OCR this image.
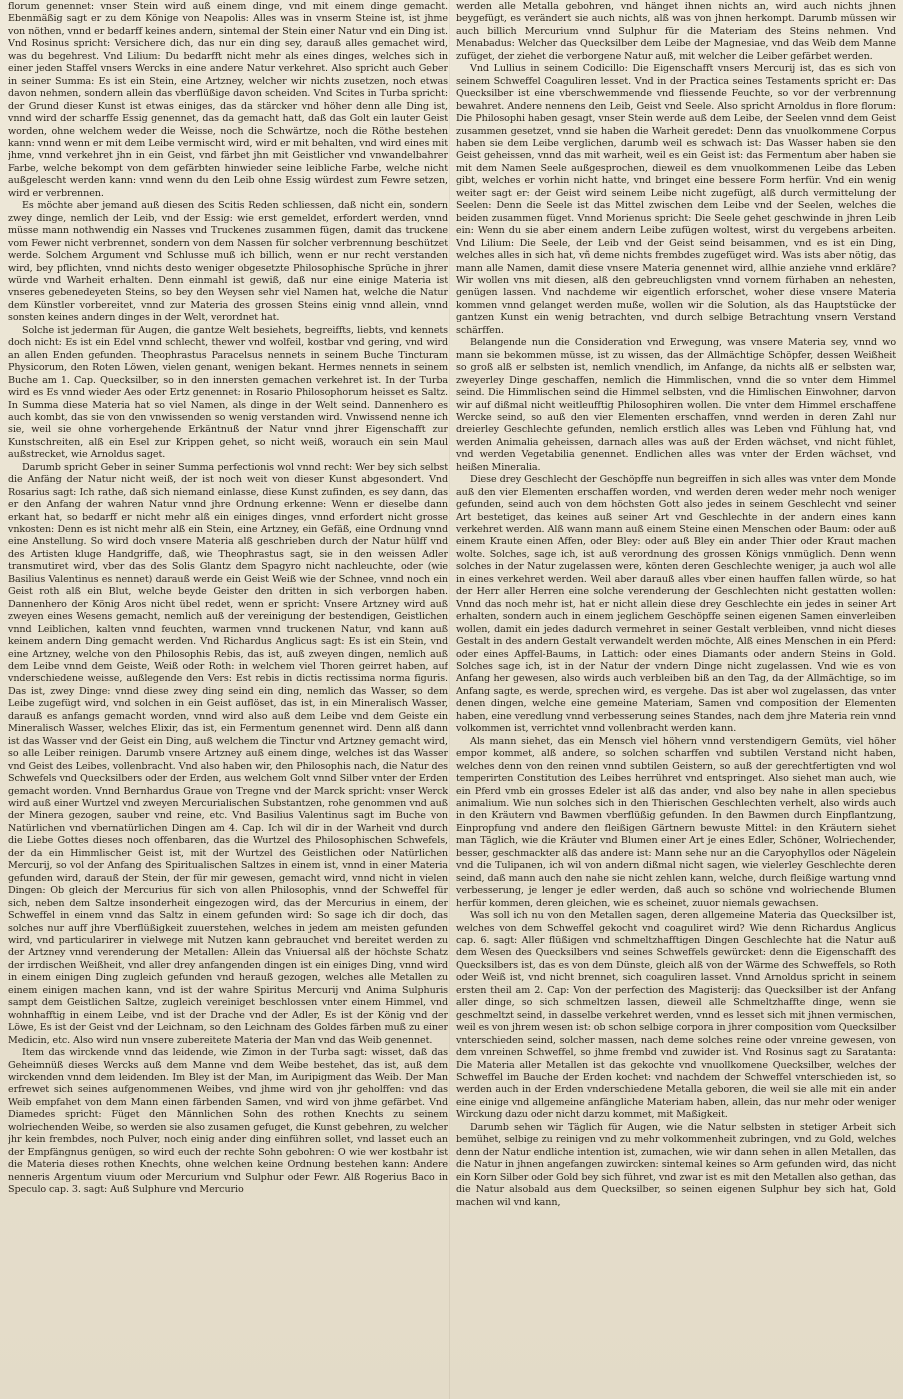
florum genennet: vnser Stein wird auß einem dinge, vnd mit einem dinge gemacht. Ebenmäßig sagt er zu dem Könige von Neapolis: Alles was in vnserm Steine ist, ist jhme von nöthen, vnnd er bedarff keines andern, sintemal der Stein einer Natur vnd ein Ding ist. Vnd Rosinus spricht: Versichere dich, das nur ein ding sey, darauß alles gemachet wird, was du begehrest. Vnd Lilium: Du bedarfft nicht mehr als eines dinges, welches sich in einer jeden Staffel vnsers Wercks in eine andere Natur verkehret. Also spricht auch Geber in seiner Summa: Es ist ein Stein, eine Artzney, welcher wir nichts zusetzen, noch etwas davon nehmen, sondern allein das vberflüßige davon scheiden. Vnd Scites in Turba spricht: der Grund dieser Kunst ist etwas einiges, das da stärcker vnd höher denn alle Ding ist, vnnd wird der scharffe Essig genennet, das da gemacht hatt, daß das Golt ein lauter Geist worden, ohne welchem weder die Weisse, noch die Schwärtze, noch die Röthe bestehen kann: vnnd wenn er mit dem Leibe vermischt wird, wird er mit behalten, vnd wird eines mit jhme, vnnd verkehret jhn in ein Geist, vnd färbet jhn mit Geistlicher vnd vnwandelbahrer Farbe, welche bekompt von dem gefärbten hinwieder seine leibliche Farbe, welche nicht außgelescht werden kann: vnnd wenn du den Leib ohne Essig würdest zum Fewre setzen, wird er verbrennen.

Es möchte aber jemand auß diesen des Scitis Reden schliessen, daß nicht ein, sondern zwey dinge, nemlich der Leib, vnd der Essig: wie erst gemeldet, erfordert werden, vnnd müsse mann nothwendig ein Nasses vnd Truckenes zusammen fügen, damit das truckene vom Fewer nicht verbrennet, sondern von dem Nassen für solcher verbrennung beschützet werde. Solchem Argument vnd Schlusse muß ich billich, wenn er nur recht verstanden wird, bey pflichten, vnnd nichts desto weniger obgesetzte Philosophische Sprüche in jhrer würde vnd Warheit erhalten. Denn einmahl ist gewiß, daß nur eine einige Materia ist vnseres gebenedeyeten Steins, so bey den Weysen sehr viel Namen hat, welche die Natur dem Künstler vorbereitet, vnnd zur Materia des grossen Steins einig vnnd allein, vnnd sonsten keines andern dinges in der Welt, verordnet hat.

Solche ist jederman für Augen, die gantze Welt besiehets, begreiffts, liebts, vnd kennets doch nicht: Es ist ein Edel vnnd schlecht, thewer vnd wolfeil, kostbar vnd gering, vnd wird an allen Enden gefunden. Theophrastus Paracelsus nennets in seinem Buche Tincturam Physicorum, den Roten Löwen, vielen genant, wenigen bekant. Hermes nennets in seinem Buche am 1. Cap. Quecksilber, so in den innersten gemachen verkehret ist. In der Turba wird es Es vnnd wieder Aes oder Ertz genennet: in Rosario Philosophorum heisset es Saltz. In Summa diese Materia hat so viel Namen, als dinge in der Welt seind. Dannenhero es auch kombt, das sie von den vnwissenden so wenig verstanden wird. Vnwissend nenne ich sie, weil sie ohne vorhergehende Erkäntnuß der Natur vnnd jhrer Eigenschafft zur Kunstschreiten, alß ein Esel zur Krippen gehet, so nicht weiß, worauch ein sein Maul außstrecket, wie Arnoldus saget.

Darumb spricht Geber in seiner Summa perfectionis wol vnnd recht: Wer bey sich selbst die Anfäng der Natur nicht weiß, der ist noch weit von dieser Kunst abgesondert. Vnd Rosarius sagt: Ich rathe, daß sich niemand einlasse, diese Kunst zufinden, es sey dann, das er den Anfang der wahren Natur vnnd jhre Ordnung erkenne: Wenn er dieselbe dann erkant hat, so bedarff er nicht mehr alß ein einiges dinges, vnnd erfordert nicht grosse vnkosten: Denn es ist nicht mehr alß ein Stein, eine Artzney, ein Gefäß, eine Ordnung vnnd eine Anstellung. So wird doch vnsere Materia alß geschrieben durch der Natur hülff vnd des Artisten kluge Handgriffe, daß, wie Theophrastus sagt, sie in den weissen Adler transmutiret wird, vber das des Solis Glantz dem Spagyro nicht nachleuchte, oder (wie Basilius Valentinus es nennet) darauß werde ein Geist Weiß wie der Schnee, vnnd noch ein Geist roth alß ein Blut, welche beyde Geister den dritten in sich verborgen haben. Dannenhero der König Aros nicht übel redet, wenn er spricht: Vnsere Artzney wird auß zweyen eines Wesens gemacht, nemlich auß der vereinigung der bestendigen, Geistlichen vnnd Leiblichen, kalten vnnd feuchten, warmen vnnd truckenen Natur, vnd kann auß keinem andern Ding gemacht werden. Vnd Richardus Anglicus sagt: Es ist ein Stein, vnd eine Artzney, welche von den Philosophis Rebis, das ist, auß zweyen dingen, nemlich auß dem Leibe vnnd dem Geiste, Weiß oder Roth: in welchem viel Thoren geirret haben, auf vnderschiedene weisse, außlegende den Vers: Est rebis in dictis rectissima norma figuris. Das ist, zwey Dinge: vnnd diese zwey ding seind ein ding, nemlich das Wasser, so dem Leibe zugefügt wird, vnd solchen in ein Geist auflöset, das ist, in ein Mineralisch Wasser, darauß es anfangs gemacht worden, vnnd wird also auß dem Leibe vnd dem Geiste ein Mineralisch Wasser, welches Elixir, das ist, ein Fermentum genennet wird. Denn alß dann ist das Wasser vnd der Geist ein Ding, auß welchem die Tinctur vnd Artzney gemacht wird, so alle Leiber reinigen. Darumb vnsere Artzney auß einem dinge, welches ist das Wasser vnd Geist des Leibes, vollenbracht. Vnd also haben wir, den Philosophis nach, die Natur des Schwefels vnd Quecksilbers oder der Erden, aus welchem Golt vnnd Silber vnter der Erden gemacht worden. Vnnd Bernhardus Graue von Tregne vnd der Marck spricht: vnser Werck wird auß einer Wurtzel vnd zweyen Mercurialischen Substantzen, rohe genommen vnd auß der Minera gezogen, sauber vnd reine, etc. Vnd Basilius Valentinus sagt im Buche von Natürlichen vnd vbernatürlichen Dingen am 4. Cap. Ich wil dir in der Warheit vnd durch die Liebe Gottes dieses noch offenbaren, das die Wurtzel des Philosophischen Schwefels, der da ein Himmlischer Geist ist, mit der Wurtzel des Geistlichen oder Natürlichen Mercurij, so vol der Anfang des Spiritualischen Saltzes in einem ist, vnnd in einer Materia gefunden wird, darauß der Stein, der für mir gewesen, gemacht wird, vnnd nicht in vielen Dingen: Ob gleich der Mercurius für sich von allen Philosophis, vnnd der Schweffel für sich, neben dem Saltze insonderheit eingezogen wird, das der Mercurius in einem, der Schweffel in einem vnnd das Saltz in einem gefunden wird: So sage ich dir doch, das solches nur auff jhre Vberflüßigkeit zuuerstehen, welches in jedem am meisten gefunden wird, vnd particularirer in vielwege mit Nutzen kann gebrauchet vnd bereitet werden zu der Artzney vnnd verenderung der Metallen: Allein das Vniuersal alß der höchste Schatz der irrdischen Weißheit, vnd aller drey anfangenden dingen ist ein einiges Ding, vnnd wird in einem einigen Ding zugleich gefunden vnd herauß gezogen, welches alle Metallen zu einem einigen machen kann, vnd ist der wahre Spiritus Mercurij vnd Anima Sulphuris sampt dem Geistlichen Saltze, zugleich vereiniget beschlossen vnter einem Himmel, vnd wohnhafftig in einem Leibe, vnd ist der Drache vnd der Adler, Es ist der König vnd der Löwe, Es ist der Geist vnd der Leichnam, so den Leichnam des Goldes färben muß zu einer Medicin, etc. Also wird nun vnsere zubereitete Materia der Man vnd das Weib genennet.

Item das wirckende vnnd das leidende, wie Zimon in der Turba sagt: wisset, daß das Geheimnüß dieses Wercks auß dem Manne vnd dem Weibe bestehet, das ist, auß dem wirckenden vnnd dem leidenden. Im Bley ist der Man, im Auripigment das Weib. Der Man erfrewet sich seines aufgenommenen Weibes, vnd jhme wird von jhr geholffen: vnd das Weib empfahet von dem Mann einen färbenden Samen, vnd wird von jhme gefärbet. Vnd Diamedes spricht: Füget den Männlichen Sohn des rothen Knechts zu seinem wolriechenden Weibe, so werden sie also zusamen gefuget, die Kunst gebehren, zu welcher jhr kein frembdes, noch Pulver, noch einig ander ding einführen sollet, vnd lasset euch an der Empfängnus genügen, so wird euch der rechte Sohn gebohren: O wie wer kostbahr ist die Materia dieses rothen Knechts, ohne welchen keine Ordnung bestehen kann: Andere nenneris Argentum viuum oder Mercurium vnd Sulphur oder Fewr. Alß Rogerius Baco in Speculo cap. 3. sagt: Auß Sulphure vnd Mercurio

werden alle Metalla gebohren, vnd hänget ihnen nichts an, wird auch nichts jhnen beygefügt, es verändert sie auch nichts, alß was von jhnen herkompt. Darumb müssen wir auch billich Mercurium vnnd Sulphur für die Materiam des Steins nehmen. Vnd Menabadus: Welcher das Quecksilber dem Leibe der Magnesiae, vnd das Weib dem Manne zufüget, der ziehet die verborgene Natur auß, mit welcher die Leiber gefärbet werden.

Vnd Lullius in seinem Codicillo: Die Eigenschafft vnsers Mercurij ist, das es sich von seinem Schweffel Coaguliren lesset. Vnd in der Practica seines Testaments spricht er: Das Quecksilber ist eine vberschwemmende vnd fliessende Feuchte, so vor der verbrennung bewahret. Andere nennens den Leib, Geist vnd Seele. Also spricht Arnoldus in flore florum: Die Philosophi haben gesagt, vnser Stein werde auß dem Leibe, der Seelen vnnd dem Geist zusammen gesetzet, vnnd sie haben die Warheit geredet: Denn das vnuolkommene Corpus haben sie dem Leibe verglichen, darumb weil es schwach ist: Das Wasser haben sie den Geist geheissen, vnnd das mit warheit, weil es ein Geist ist: das Fermentum aber haben sie mit dem Namen Seele außgesprochen, dieweil es dem vnuolkommenen Leibe das Leben gibt, welches er vorhin nicht hatte, vnd bringet eine bessere Form herfür. Vnd ein wenig weiter sagt er: der Geist wird seinem Leibe nicht zugefügt, alß durch vermittelung der Seelen: Denn die Seele ist das Mittel zwischen dem Leibe vnd der Seelen, welches die beiden zusammen füget. Vnnd Morienus spricht: Die Seele gehet geschwinde in jhren Leib ein: Wenn du sie aber einem andern Leibe zufügen woltest, wirst du vergebens arbeiten. Vnd Lilium: Die Seele, der Leib vnd der Geist seind beisammen, vnd es ist ein Ding, welches alles in sich hat, vñ deme nichts frembdes zugefüget wird. Was ists aber nötig, das mann alle Namen, damit diese vnsere Materia genennet wird, allhie anziehe vnnd erkläre? Wir wollen vns mit diesen, alß den gebreuchligsten vnnd vornem fürhaben an nehesten, genügen lassen. Vnd nachdeme wir eigentlich erforschet, woher diese vnsere Materia kommen vnnd gelanget werden muße, wollen wir die Solution, als das Hauptstücke der gantzen Kunst ein wenig betrachten, vnd durch selbige Betrachtung vnsern Verstand schärffen.

Belangende nun die Consideration vnd Erwegung, was vnsere Materia sey, vnnd wo mann sie bekommen müsse, ist zu wissen, das der Allmächtige Schöpfer, dessen Weißheit so groß alß er selbsten ist, nemlich vnendlich, im Anfange, da nichts alß er selbsten war, zweyerley Dinge geschaffen, nemlich die Himmlischen, vnnd die so vnter dem Himmel seind. Die Himmlischen seind die Himmel selbsten, vnd die Himlischen Einwohner, darvon wir auf dißmal nicht weitleufftig Philosophiren wollen. Die vnter dem Himmel erschaffene Wercke seind, so auß den vier Elementen erschaffen, vnnd werden in deren Zahl nur dreierley Geschlechte gefunden, nemlich erstlich alles was Leben vnd Fühlung hat, vnd werden Animalia geheissen, darnach alles was auß der Erden wächset, vnd nicht fühlet, vnd werden Vegetabilia genennet. Endlichen alles was vnter der Erden wächset, vnd heißen Mineralia.

Diese drey Geschlecht der Geschöpffe nun begreiffen in sich alles was vnter dem Monde auß den vier Elementen erschaffen worden, vnd werden deren weder mehr noch weniger gefunden, seind auch von dem höchsten Gott also jedes in seinem Geschlecht vnd seiner Art bestetiget, das keines auß seiner Art vnd Geschlechte in der andern eines kann verkehret werden. Alß wann mann auß einem Steine einen Menschen oder Baum: oder auß einem Kraute einen Affen, oder Bley: oder auß Bley ein ander Thier oder Kraut machen wolte. Solches, sage ich, ist auß verordnung des grossen Königs vnmüglich. Denn wenn solches in der Natur zugelassen were, könten deren Geschlechte weniger, ja auch wol alle in eines verkehret werden. Weil aber darauß alles vber einen hauffen fallen würde, so hat der Herr aller Herren eine solche verenderung der Geschlechten nicht gestatten wollen: Vnnd das noch mehr ist, hat er nicht allein diese drey Geschlechte ein jedes in seiner Art erhalten, sondern auch in einem jeglichem Geschöpffe seinen eigenen Samen einverleiben wollen, damit ein jedes dadurch vermehret in seiner Gestalt verbleiben, vnnd nicht dieses Gestalt in des andern Gestalt verwandelt werden möchte, Alß eines Menschen in ein Pferd: oder eines Apffel-Baums, in Lattich: oder eines Diamants oder andern Steins in Gold. Solches sage ich, ist in der Natur der vndern Dinge nicht zugelassen. Vnd wie es von Anfang her gewesen, also wirds auch verbleiben biß an den Tag, da der Allmächtige, so im Anfang sagte, es werde, sprechen wird, es vergehe. Das ist aber wol zugelassen, das vnter denen dingen, welche eine gemeine Materiam, Samen vnd composition der Elementen haben, eine veredlung vnnd verbesserung seines Standes, nach dem jhre Materia rein vnnd volkommen ist, verrichtet vnnd vollenbracht werden kann.

Als mann siehet, das ein Mensch viel höhern vnnd verstendigern Gemüts, viel höher empor kommet, alß andere, so solchen scharffen vnd subtilen Verstand nicht haben, welches denn von den reinen vnnd subtilen Geistern, so auß der gerechtfertigten vnd wol temperirten Constitution des Leibes herrühret vnd entspringet. Also siehet man auch, wie ein Pferd vmb ein grosses Edeler ist alß das ander, vnd also bey nahe in allen speciebus animalium. Wie nun solches sich in den Thierischen Geschlechten verhelt, also wirds auch in den Kräutern vnd Bawmen vberflüßig gefunden. In den Bawmen durch Einpflantzung, Einpropfung vnd andere den fleißigen Gärtnern bewuste Mittel: in den Kräutern siehet man Täglich, wie die Kräuter vnd Blumen einer Art je eines Edler, Schöner, Wolriechender, besser, geschmackter alß das andere ist: Mann sehe nur an die Caryophyllos oder Nägelein vnd die Tulipanen, ich wil von andern dißmal nicht sagen, wie vielerley Geschlechte deren seind, daß mann auch den nahe sie nicht zehlen kann, welche, durch fleißige wartung vnnd verbesserung, je lenger je edler werden, daß auch so schöne vnd wolriechende Blumen herfür kommen, deren gleichen, wie es scheinet, zuuor niemals gewachsen.

Was soll ich nu von den Metallen sagen, deren allgemeine Materia das Quecksilber ist, welches von dem Schweffel gekocht vnd coaguliret wird? Wie denn Richardus Anglicus cap. 6. sagt: Aller flüßigen vnd schmeltzhafftigen Dingen Geschlechte hat die Natur auß dem Wesen des Quecksilbers vnd seines Schweffels gewürcket: denn die Eigenschafft des Quecksilbers ist, das es von dem Dünste, gleich alß von der Wärme des Schweffels, so Roth oder Weiß ist, vnd nicht brennet, sich coaguliren lasset. Vnnd Arnoldus spricht in seinem ersten theil am 2. Cap: Von der perfection des Magisterij: das Quecksilber ist der Anfang aller dinge, so sich schmeltzen lassen, dieweil alle Schmeltzhaffte dinge, wenn sie geschmeltzt seind, in dasselbe verkehret werden, vnnd es lesset sich mit jhnen vermischen, weil es von jhrem wesen ist: ob schon selbige corpora in jhrer composition vom Quecksilber vnterschieden seind, solcher massen, nach deme solches reine oder vnreine gewesen, von dem vnreinen Schweffel, so jhme frembd vnd zuwider ist. Vnd Rosinus sagt zu Saratanta: Die Materia aller Metallen ist das gekochte vnd vnuollkomene Quecksilber, welches der Schweffel im Bauche der Erden kochet: vnd nachdem der Schweffel vnterschieden ist, so werden auch in der Erden vnderschiedene Metalla geboren, die weil sie alle mit ein ander eine einige vnd allgemeine anfängliche Materiam haben, allein, das nur mehr oder weniger Wirckung dazu oder nicht darzu kommet, mit Maßigkeit.

Darumb sehen wir Täglich für Augen, wie die Natur selbsten in stetiger Arbeit sich bemühet, selbige zu reinigen vnd zu mehr volkommenheit zubringen, vnd zu Gold, welches denn der Natur endliche intention ist, zumachen, wie wir dann sehen in allen Metallen, das die Natur in jhnen angefangen zuwircken: sintemal keines so Arm gefunden wird, das nicht ein Korn Silber oder Gold bey sich führet, vnd zwar ist es mit den Metallen also gethan, das die Natur alsobald aus dem Quecksilber, so seinen eigenen Sulphur bey sich hat, Gold machen wil vnd kann,
